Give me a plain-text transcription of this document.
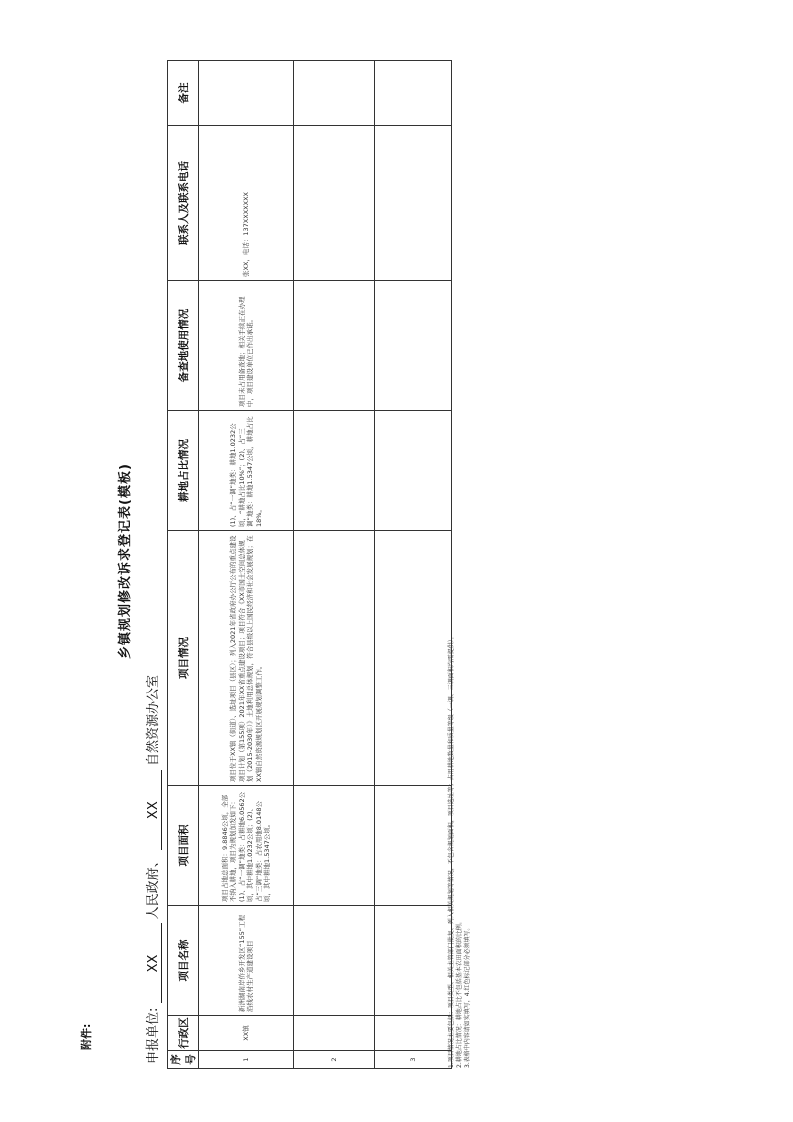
附件:
乡镇规划修改诉求登记表(模板)
申报单位: XX 人民政府、 XX 自然资源办公室
序号	行政区	项目名称	项目面积	项目情况	耕地占比情况	备查地使用情况	联系人及联系电话	备注
1	XX镇	新洲湖南岸侨乡开发区“155”工程沿线农村生产道建设项目	项目占地总面积：9.8846公顷，全部不纳入耕地，项目为规划加发如下：(1)、占“一调”地类：占耕地6.0562公顷，其中耕地1.0232公顷；(2)、占“三调”地类：占农用地8.0148公顷，其中耕地1.5347公顷。	项目位于XX镇（街道）、选址项目（县区）；列入2021年省政府办公厅公布的重点建设项目计划（第155项）2021年XX省重点建设项目；项目符合《XX市国土空间总体规划（2015-2030年）》土地利用总体规划，符合县级以上国民经济和社会发展规划；在XX镇自然资源规划区开展规划调整工作。	(1)、占“一调”地类：耕地1.0232公顷，“耕地占比10%”；(2)、占“三调”地类：耕地1.5347公顷，耕地占比18%。	项目未占用备查地；相关手续正在办理中，项目建设单位已作出承诺。	张XX，电话：137XXXXXXX	
2								
3									1.项目情况主要包括：项目类型、相关主管部门批复、列入相关规划等情况，不包含规划面积，项目选址等；占用耕地数量和质量等级（一调、三调面积均需提供）。 2.耕地占比情况：耕地占比不包括基本农田面积的比例。 3.表格中内容请如实填写，4.红色标记部分必须填写。
